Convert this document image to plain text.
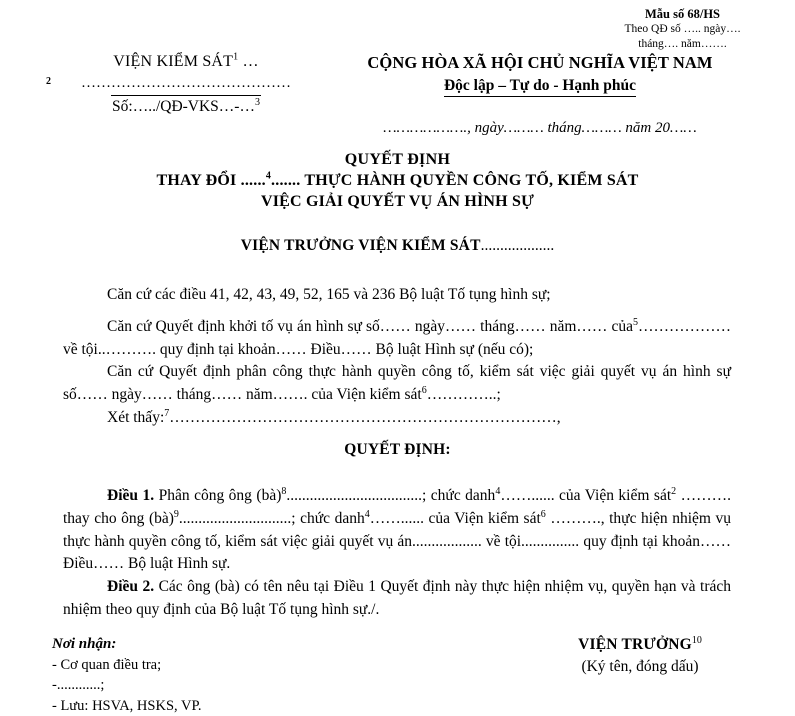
Mẫu số 68/HS
Theo QĐ số ….. ngày….
tháng…. năm…….
VIỆN KIỂM SÁT$^1$ …
2 ……………………………………
Số:…../QĐ-VKS…-…$^3$
CỘNG HÒA XÃ HỘI CHỦ NGHĨA VIỆT NAM
Độc lập – Tự do - Hạnh phúc
………………., ngày……… tháng……… năm 20……
QUYẾT ĐỊNH
THAY ĐỔI ......$^4$....... THỰC HÀNH QUYỀN CÔNG TỐ, KIỂM SÁT
VIỆC GIẢI QUYẾT VỤ ÁN HÌNH SỰ
VIỆN TRƯỞNG VIỆN KIỂM SÁT...................

Căn cứ các điều 41, 42, 43, 49, 52, 165 và 236 Bộ luật Tố tụng hình sự;

Căn cứ Quyết định khởi tố vụ án hình sự số…… ngày…… tháng…… năm…… của$^5$……………… về tội..………. quy định tại khoản…… Điều…… Bộ luật Hình sự (nếu có);

Căn cứ Quyết định phân công thực hành quyền công tố, kiểm sát việc giải quyết vụ án hình sự số…… ngày…… tháng…… năm……. của Viện kiểm sát$^6$…………..;

Xét thấy:$^7$…………………………………………………………………,

QUYẾT ĐỊNH:

Điều 1. Phân công ông (bà)$^8$...................................; chức danh$^4$……...... của Viện kiểm sát$^2$ ………. thay cho ông (bà)$^9$.............................; chức danh$^4$……...... của Viện kiểm sát$^6$ ………., thực hiện nhiệm vụ thực hành quyền công tố, kiểm sát việc giải quyết vụ án.................. về tội............... quy định tại khoản…… Điều…… Bộ luật Hình sự.

Điều 2. Các ông (bà) có tên nêu tại Điều 1 Quyết định này thực hiện nhiệm vụ, quyền hạn và trách nhiệm theo quy định của Bộ luật Tố tụng hình sự./.

Nơi nhận:
- Cơ quan điều tra;
-............;
- Lưu: HSVA, HSKS, VP.
VIỆN TRƯỞNG$^{10}$
(Ký tên, đóng dấu)
